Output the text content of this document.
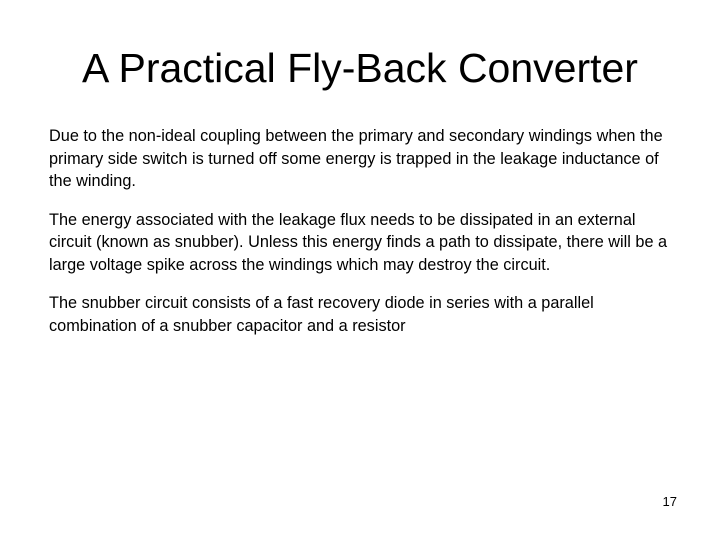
A Practical Fly-Back Converter

Due to the non-ideal coupling between the primary and secondary windings when the primary side switch is turned off some energy is trapped in the leakage inductance of the winding.

The energy associated with the leakage flux needs to be dissipated in an external circuit (known as snubber). Unless this energy finds a path to dissipate, there will be a large voltage spike across the windings which may destroy the circuit.

The snubber circuit consists of a fast recovery diode in series with a parallel combination of a snubber capacitor and a resistor

17
